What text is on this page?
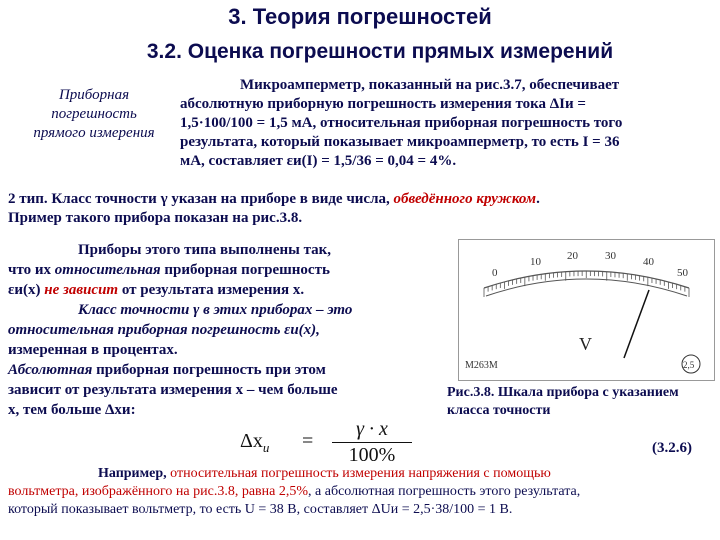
3. Теория погрешностей
3.2. Оценка погрешности прямых измерений
Приборная
погрешность
прямого измерения
Микроамперметр, показанный на рис.3.7, обеспечивает
абсолютную приборную погрешность измерения тока ΔIи =
1,5·100/100 = 1,5 мА, относительная приборная погрешность того
результата, который показывает микроамперметр, то есть I = 36
мА, составляет εи(I) = 1,5/36 = 0,04 = 4%.
2 тип. Класс точности γ указан на приборе в виде числа, обведённого кружком.
Пример такого прибора показан на рис.3.8.
Приборы этого типа выполнены так,
что их относительная приборная погрешность
εи(x) не зависит от результата измерения x.
Класс точности γ в этих приборах – это
относительная приборная погрешность εи(x),
измеренная в процентах.
Абсолютная приборная погрешность при этом
зависит от результата измерения x – чем больше
x, тем больше Δxи:
$\Delta x_и$ =
γ · x
100%
0
10 20 30 40
50
V
M263M	2,5
Рис.3.8. Шкала прибора с указанием класса точности
(3.2.6)
Например, относительная погрешность измерения напряжения с помощью
вольтметра, изображённого на рис.3.8, равна 2,5%, а абсолютная погрешность этого результата,
который показывает вольтметр, то есть U = 38 В, составляет ΔUи = 2,5·38/100 = 1 В.
